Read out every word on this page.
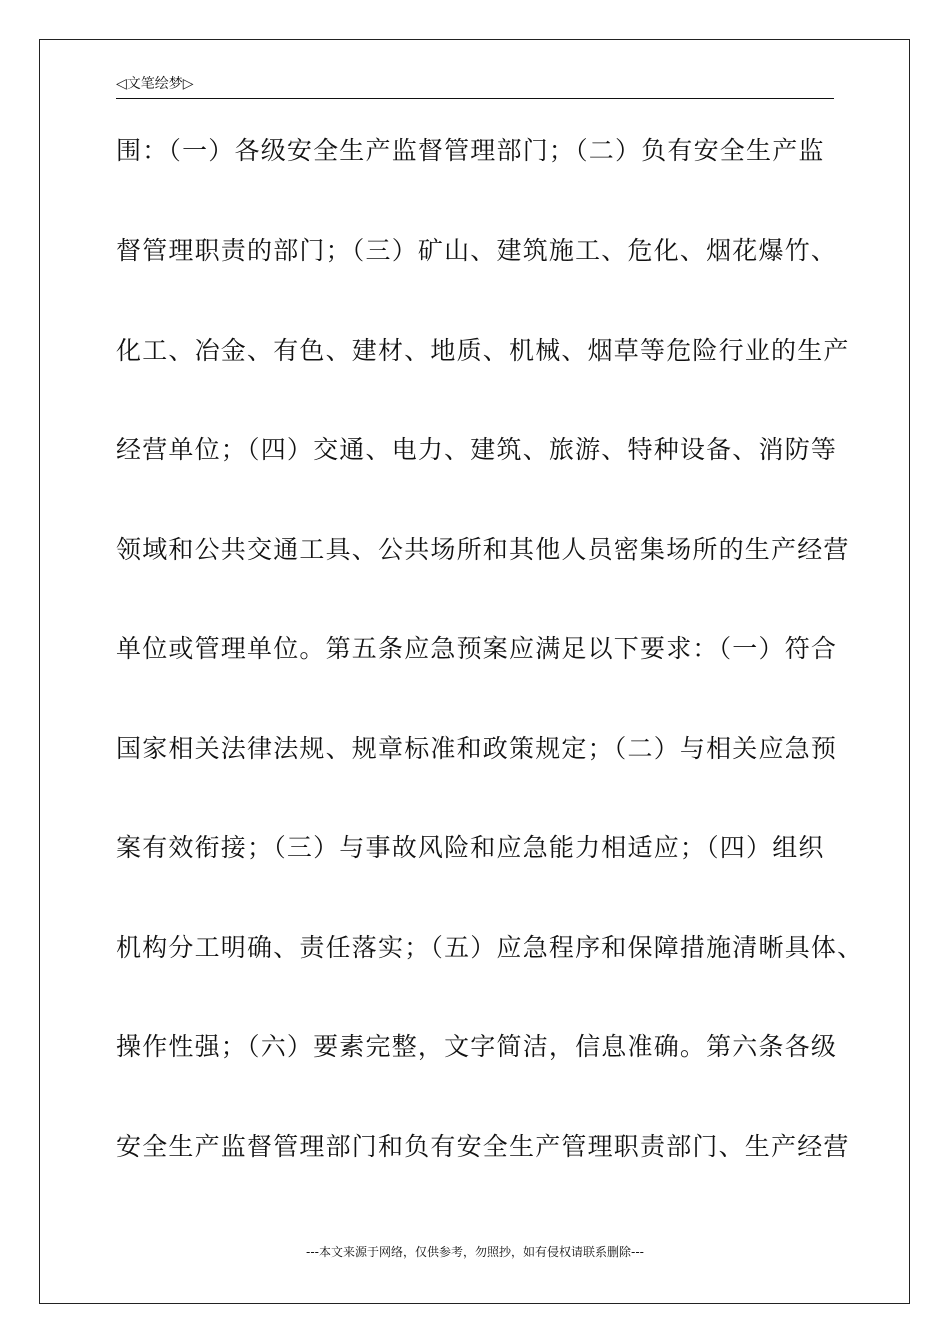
◁文笔绘梦▷
围：（一）各级安全生产监督管理部门；（二）负有安全生产监
督管理职责的部门；（三）矿山、建筑施工、危化、烟花爆竹、
化工、冶金、有色、建材、地质、机械、烟草等危险行业的生产
经营单位；（四）交通、电力、建筑、旅游、特种设备、消防等
领域和公共交通工具、公共场所和其他人员密集场所的生产经营
单位或管理单位。第五条应急预案应满足以下要求：（一）符合
国家相关法律法规、规章标准和政策规定；（二）与相关应急预
案有效衔接；（三）与事故风险和应急能力相适应；（四）组织
机构分工明确、责任落实；（五）应急程序和保障措施清晰具体、
操作性强；（六）要素完整，文字简洁，信息准确。第六条各级
安全生产监督管理部门和负有安全生产管理职责部门、生产经营
---本文来源于网络，仅供参考，勿照抄，如有侵权请联系删除---
